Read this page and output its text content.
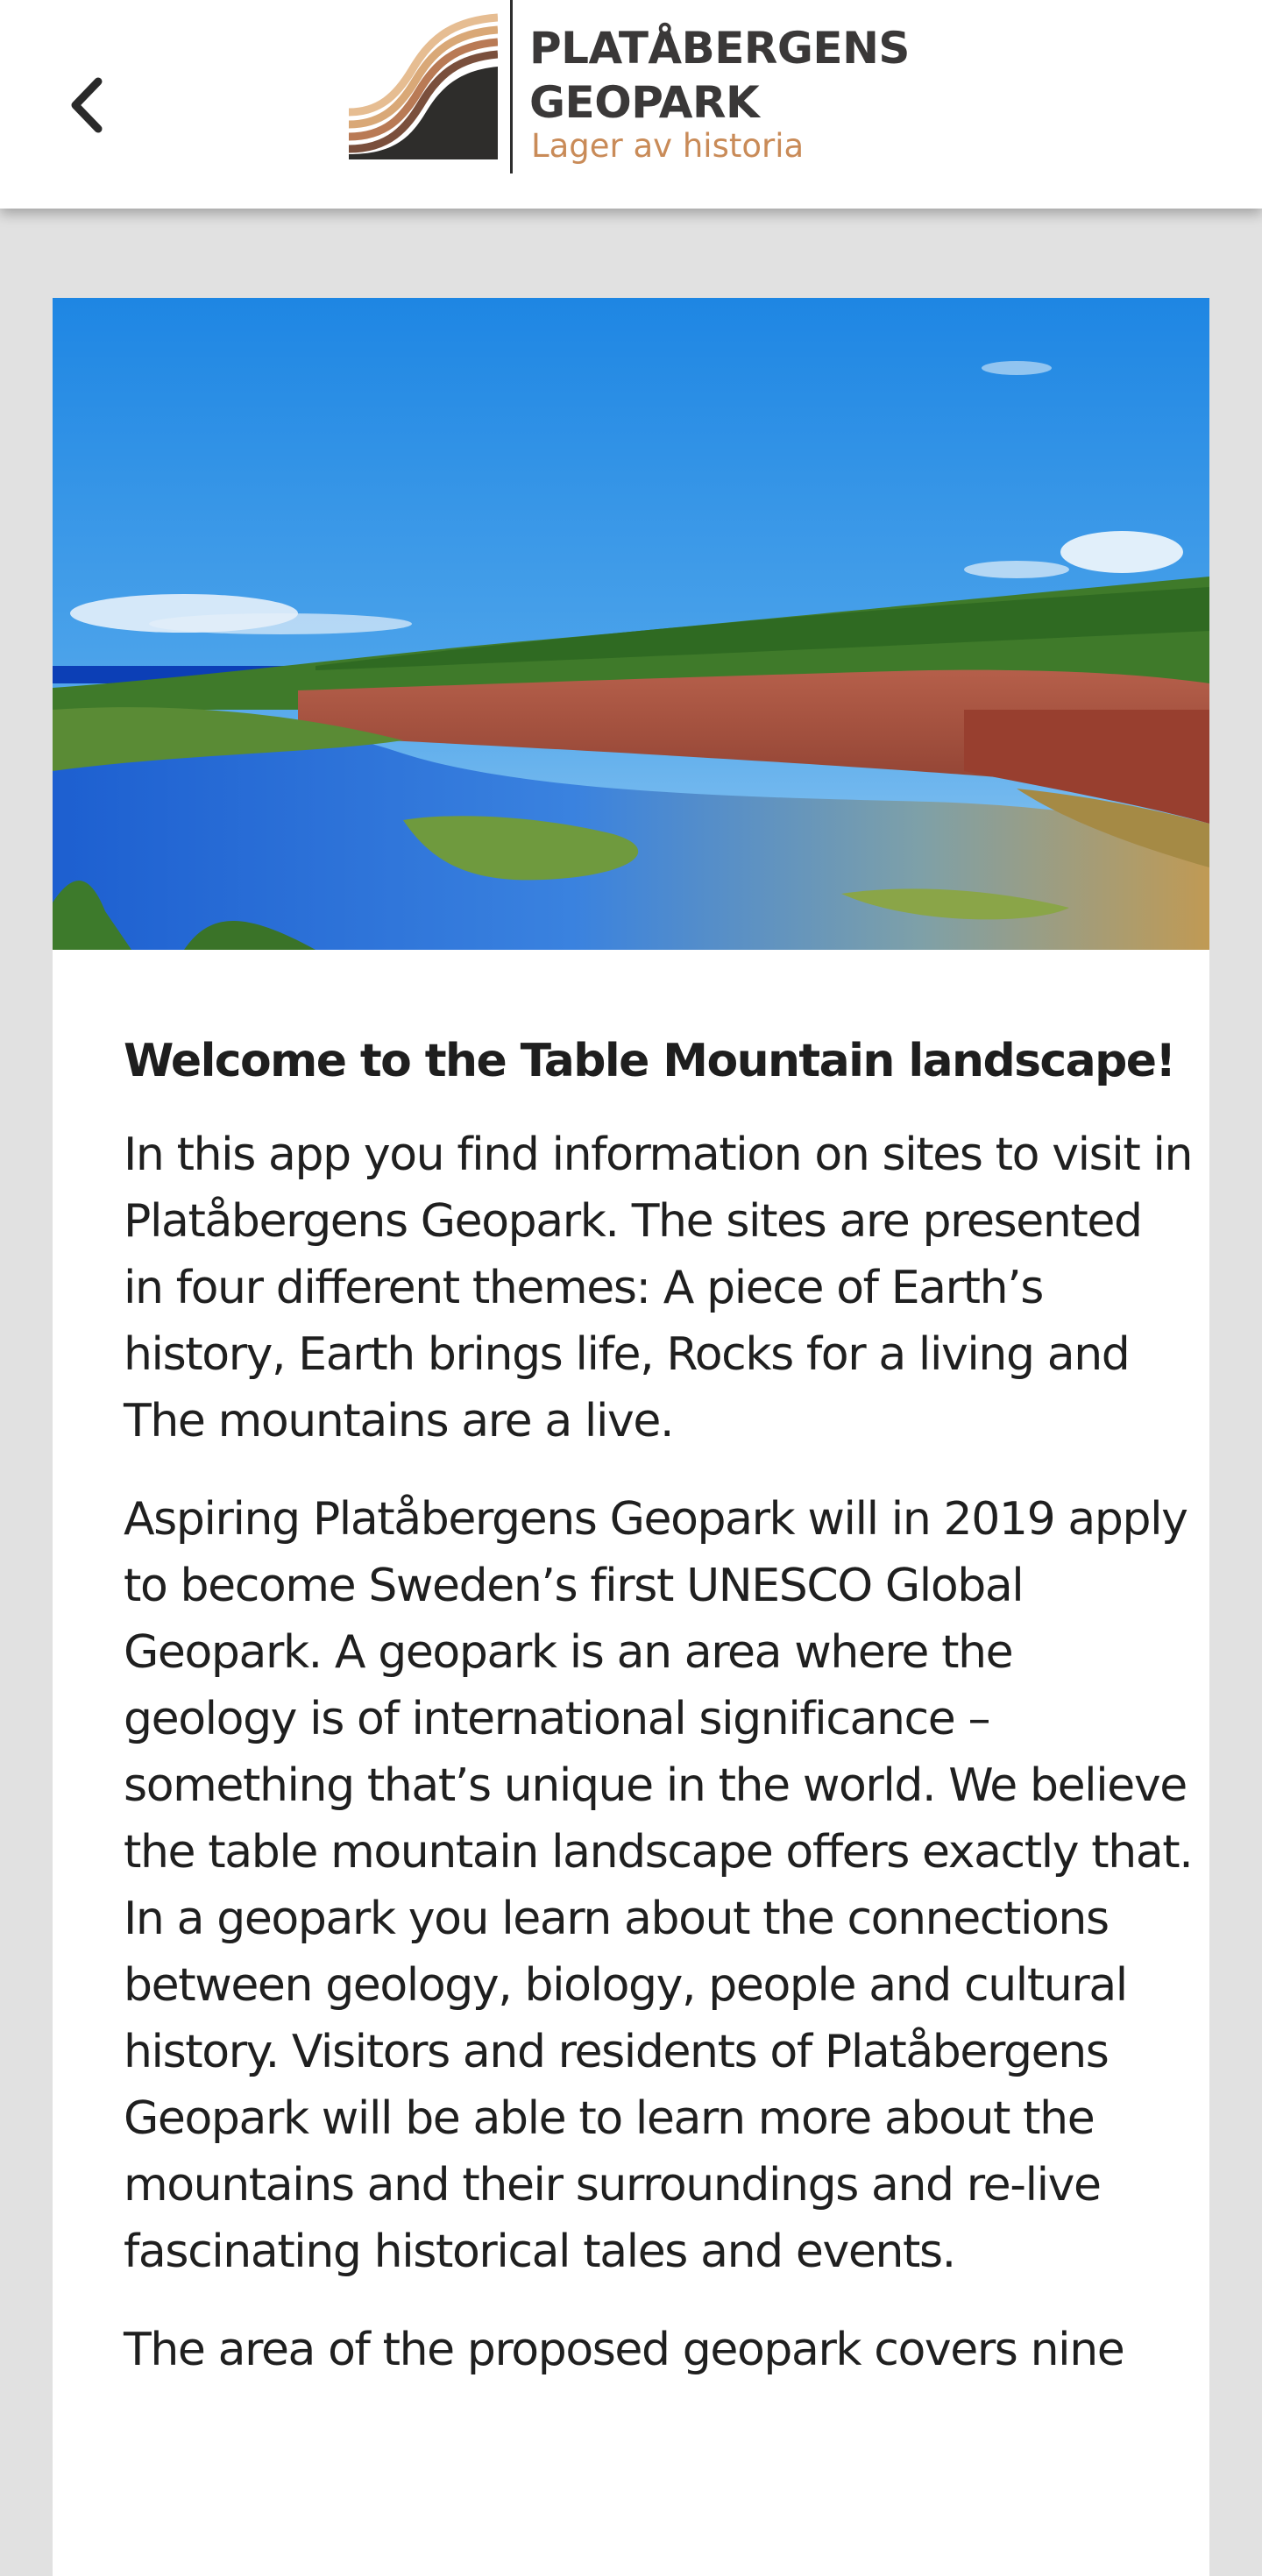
PLATÅBERGENS
GEOPARK
Lager av historia
Welcome to the Table Mountain landscape!

In this app you find information on sites to visit in Platåbergens Geopark. The sites are presented in four different themes: A piece of Earth’s history, Earth brings life, Rocks for a living and The mountains are a live.

Aspiring Platåbergens Geopark will in 2019 apply to become Sweden’s first UNESCO Global Geopark. A geopark is an area where the geology is of international significance – something that’s unique in the world. We believe the table mountain landscape offers exactly that. In a geopark you learn about the connections between geology, biology, people and cultural history. Visitors and residents of Platåbergens Geopark will be able to learn more about the mountains and their surroundings and re-live fascinating historical tales and events.

The area of the proposed geopark covers nine
